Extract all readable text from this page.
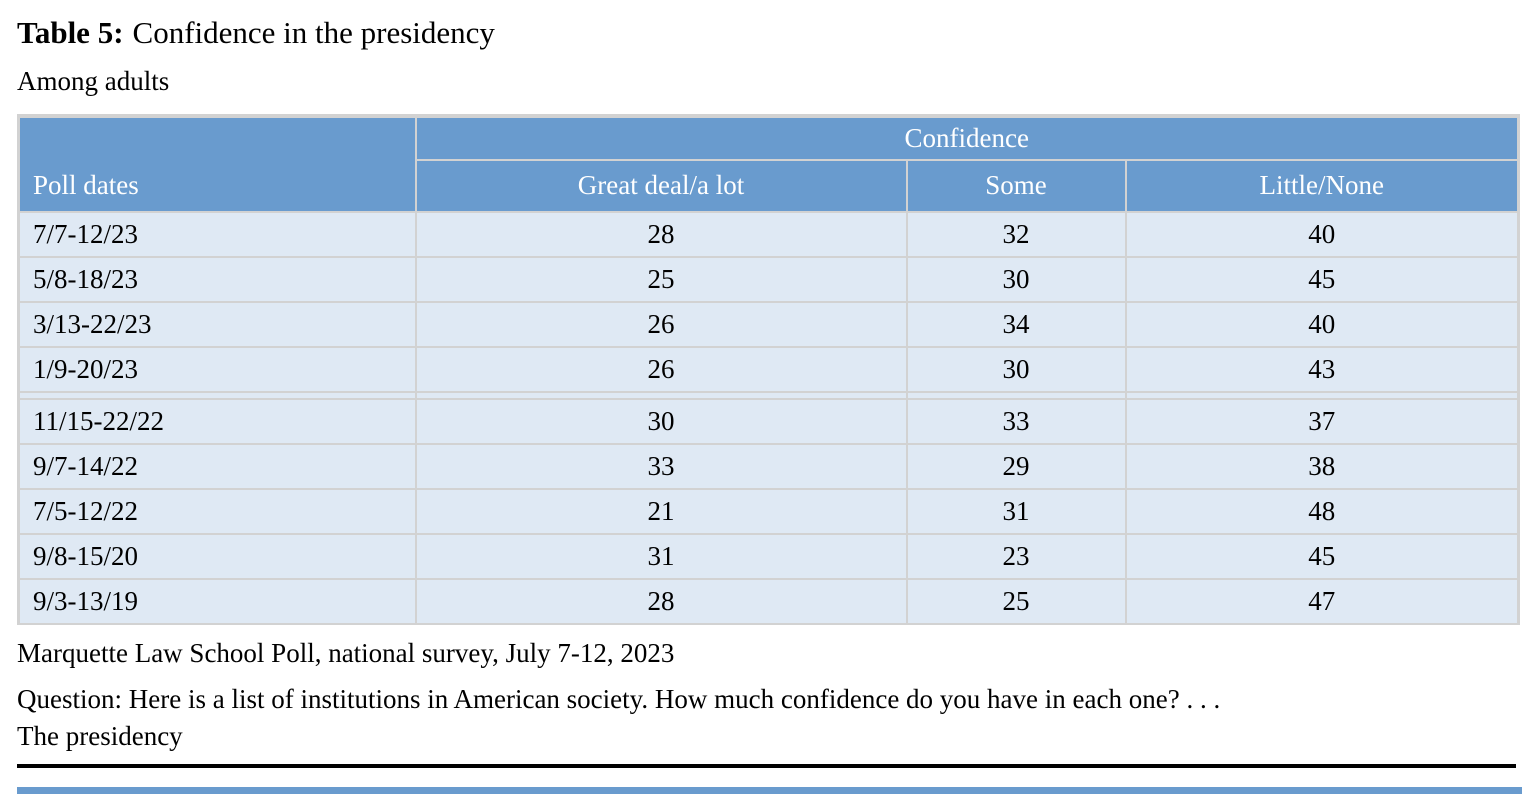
Table 5: Confidence in the presidency
Among adults
Poll dates	Confidence		
	Great deal/a lot	Some	Little/None
7/7-12/23	28	32	40
5/8-18/23	25	30	45
3/13-22/23	26	34	40
1/9-20/23	26	30	43

11/15-22/22	30	33	37
9/7-14/22	33	29	38
7/5-12/22	21	31	48
9/8-15/20	31	23	45
9/3-13/19	28	25	47
Marquette Law School Poll, national survey, July 7-12, 2023
Question: Here is a list of institutions in American society. How much confidence do you have in each one? . . .
The presidency
